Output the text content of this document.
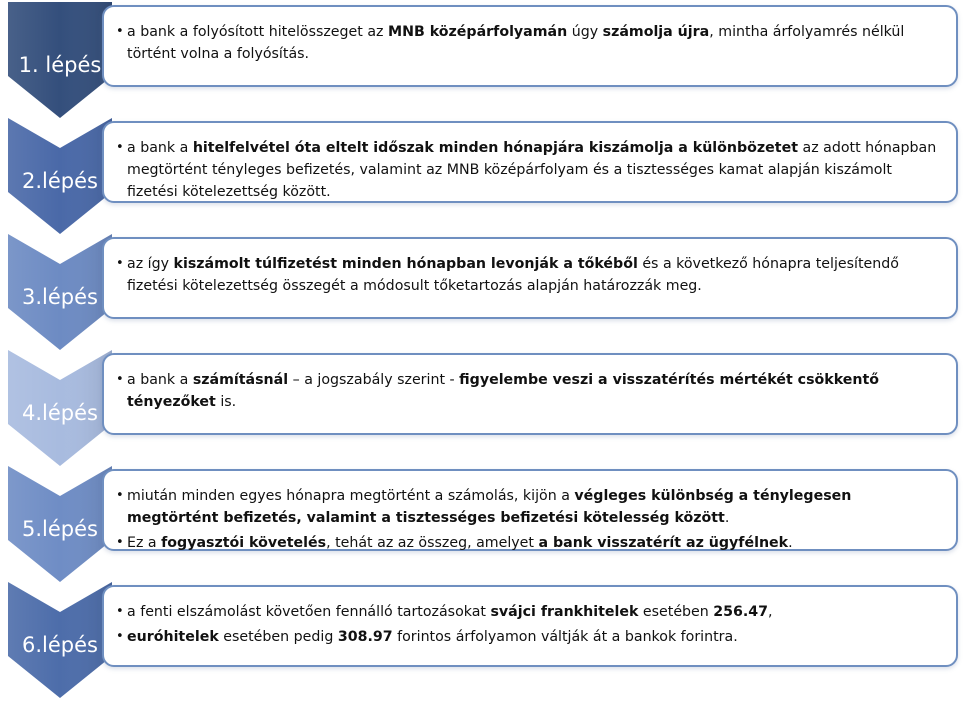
1. lépés
2.lépés
3.lépés
4.lépés
5.lépés
6.lépés
• a bank a folyósított hitelösszeget az MNB középárfolyamán úgy számolja újra, mintha árfolyamrés nélkül történt volna a folyósítás.
• a bank a hitelfelvétel óta eltelt időszak minden hónapjára kiszámolja a különbözetet az adott hónapban megtörtént tényleges befizetés, valamint az MNB középárfolyam és a tisztességes kamat alapján kiszámolt fizetési kötelezettség között.
• az így kiszámolt túlfizetést minden hónapban levonják a tőkéből és a következő hónapra teljesítendő fizetési kötelezettség összegét a módosult tőketartozás alapján határozzák meg.
• a bank a számításnál – a jogszabály szerint - figyelembe veszi a visszatérítés mértékét csökkentő tényezőket is.
• miután minden egyes hónapra megtörtént a számolás, kijön a végleges különbség a ténylegesen megtörtént befizetés, valamint a tisztességes befizetési kötelesség között.
• Ez a fogyasztói követelés, tehát az az összeg, amelyet a bank visszatérít az ügyfélnek.
• a fenti elszámolást követően fennálló tartozásokat svájci frankhitelek esetében 256.47,
• euróhitelek esetében pedig 308.97 forintos árfolyamon váltják át a bankok forintra.
